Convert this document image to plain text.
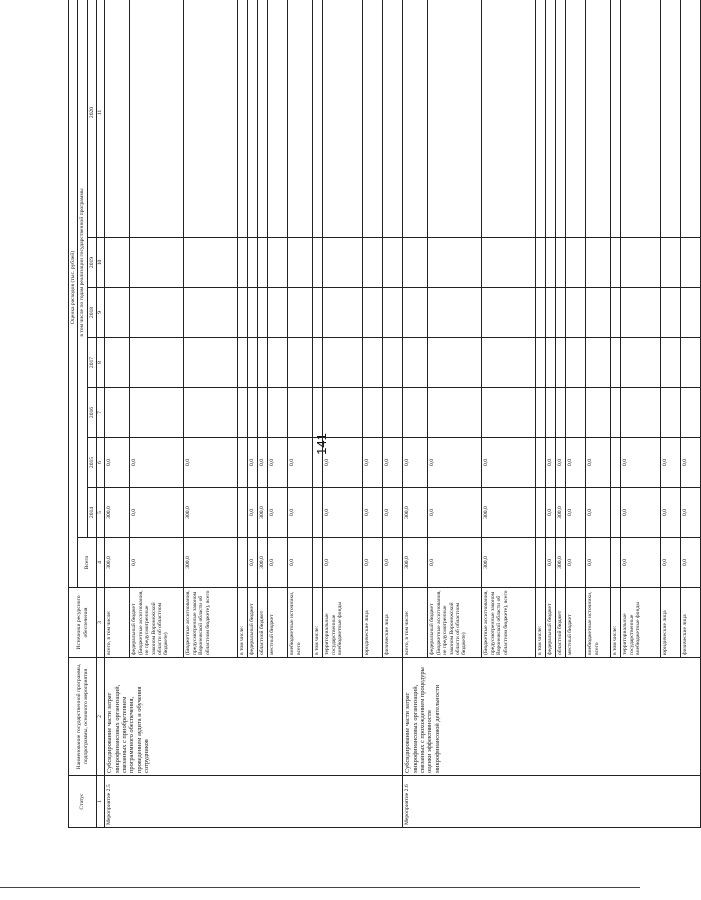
141
Статус	Наименование государственной программы, подпрограммы, основного мероприятия	Источники ресурсного обеспечения	Оценка расходов (тыс. рублей)							
			Всего	в том числе по годам реализации государственной программы						
				2014	2015	2016	2017	2018	2019	2020
1	2	3	4	5	6	7	8	9	10	11
Мероприятие 2.5	Субсидирование части затрат микрофинансовых организаций, связанных с приобретением программного обеспечения, проведением аудита и обучения сотрудников	всего, в том числе:	300,0	300,0	0,0					
		федеральный бюджет (Бюджетные ассигнования, не предусмотренные законом Воронежской области об областном бюджете)	0,0	0,0	0,0					
		(Бюджетные ассигнования, предусмотренные законом Воронежской области об областном бюджете), всего	300,0	300,0	0,0					
		в том числе:								
		федеральный бюджет	0,0	0,0	0,0					
		областной бюджет	300,0	300,0	0,0					
		местный бюджет	0,0	0,0	0,0					
		внебюджетные источники, всего	0,0	0,0	0,0					
		в том числе:								
		территориальные государственные внебюджетные фонды	0,0	0,0	0,0					
		юридические лица	0,0	0,0	0,0					
		физические лица	0,0	0,0	0,0					
Мероприятие 2.6	Субсидирование части затрат микрофинансовых организаций, связанных с прохождением процедуры оценки эффективности микрофинансовой деятельности	всего, в том числе:	300,0	300,0	0,0					
		федеральный бюджет (Бюджетные ассигнования, не предусмотренные законом Воронежской области об областном бюджете)	0,0	0,0	0,0					
		(Бюджетные ассигнования, предусмотренные законом Воронежской области об областном бюджете), всего	300,0	300,0	0,0					
		в том числе:								
		федеральный бюджет	0,0	0,0	0,0					
		областной бюджет	300,0	300,0	0,0					
		местный бюджет	0,0	0,0	0,0					
		внебюджетные источники, всего	0,0	0,0	0,0					
		в том числе:								
		территориальные государственные внебюджетные фонды	0,0	0,0	0,0					
		юридические лица	0,0	0,0	0,0					
		физические лица	0,0	0,0	0,0					
